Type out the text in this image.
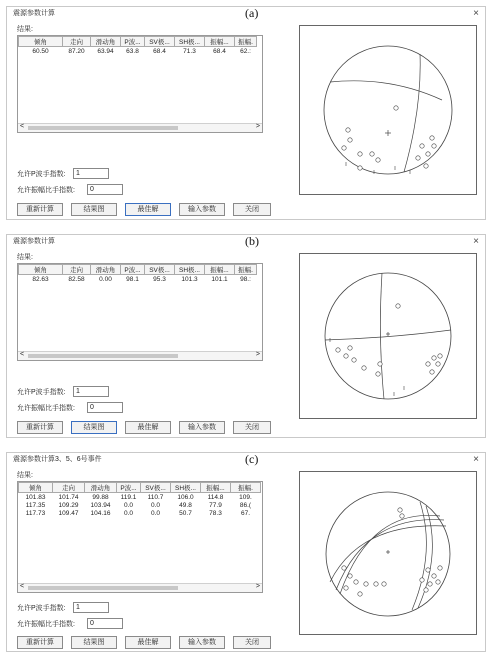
震源参数计算	(a)	×
结果:
倾角	走向	滑动角	P波...	SV极...	SH极...	振幅...	振幅.
60.50	87.20	63.94	63.8	68.4	71.3	68.4	62.:
<	>
允许P波手指数:	1
允许振幅比手指数:	0
重新计算	结果图	最佳解	输入参数	关闭
震源参数计算	(b)	×
结果:
倾角	走向	滑动角	P波...	SV极...	SH极...	振幅...	振幅.
82.63	82.58	0.00	98.1	95.3	101.3	101.1	98.:
<	>
允许P波手指数:	1
允许振幅比手指数:	0
重新计算	结果图	最佳解	输入参数	关闭
震源参数计算3、5、6号事件	(c)	×
结果:
倾角	走向	滑动角	P波...	SV极...	SH极...	振幅...	振幅.
101.83	101.74	99.88	119.1	110.7	106.0	114.8	109.
117.35	109.29	103.94	0.0	0.0	49.8	77.9	86.(
117.73	109.47	104.16	0.0	0.0	50.7	78.3	67.
<	>
允许P波手指数:	1
允许振幅比手指数:	0
重新计算	结果图	最佳解	输入参数	关闭
